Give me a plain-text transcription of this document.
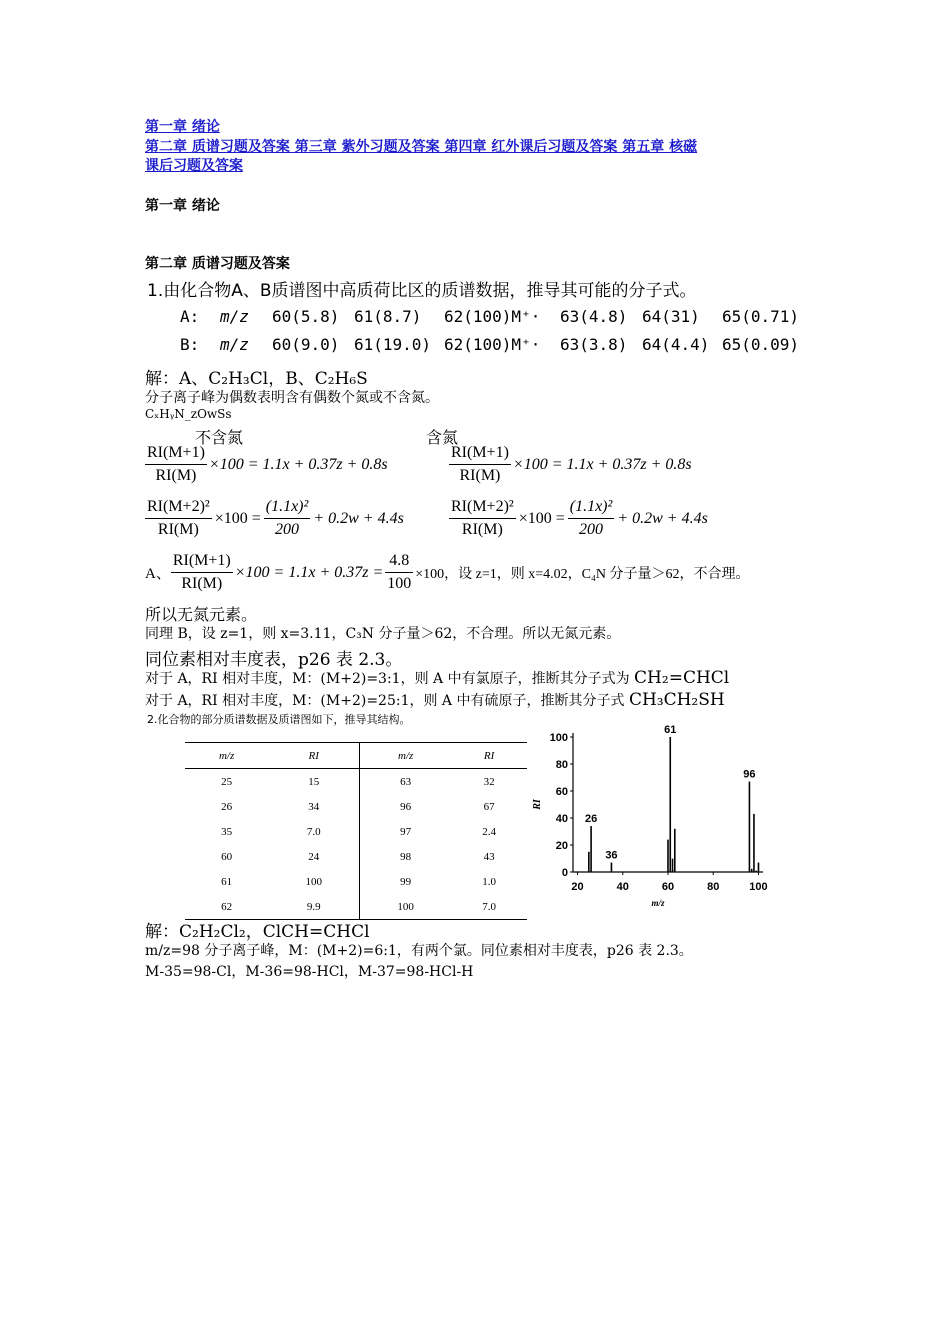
第一章 绪论
第二章 质谱习题及答案 第三章 紫外习题及答案 第四章 红外课后习题及答案 第五章 核磁
课后习题及答案
第一章 绪论
第二章 质谱习题及答案
1.由化合物A、B质谱图中高质荷比区的质谱数据，推导其可能的分子式。
A: m/z 60(5.8) 61(8.7) 62(100)M⁺· 63(4.8) 64(31) 65(0.71)
B: m/z 60(9.0) 61(19.0) 62(100)M⁺· 63(3.8) 64(4.4) 65(0.09)
解：A、C₂H₃Cl，B、C₂H₆S
分子离子峰为偶数表明含有偶数个氮或不含氮。
CₓHᵧN_zOwSs
不含氮	含氮
$\frac{RI(M+1)}{RI(M)} \times 100 = 1.1x + 0.37z + 0.8s$	$\frac{RI(M+1)}{RI(M)} \times 100 = 1.1x + 0.37z + 0.8s$
$\frac{\text{RI(M+2)²}}{RI(M)} \times 100 = \frac{\text{(1.1x)²}}{200} + 0.2w + 4.4s$	$\frac{\text{RI(M+2)²}}{RI(M)} \times 100 = \frac{\text{(1.1x)²}}{200} + 0.2w + 4.4s$
A、 $\frac{RI(M+1)}{RI(M)} \times 100 = 1.1x + 0.37z = \frac{4.8}{100} \times 100$，设 z=1，则 x=4.02，C₄N 分子量＞62，不合理。
所以无氮元素。
同理 B，设 z=1，则 x=3.11，C₃N 分子量＞62，不合理。所以无氮元素。
同位素相对丰度表，p26 表 2.3。
对于 A，RI 相对丰度，M：(M+2)=3:1，则 A 中有氯原子，推断其分子式为 CH₂=CHCl
对于 A，RI 相对丰度，M：(M+2)=25:1，则 A 中有硫原子，推断其分子式 CH₃CH₂SH
2.化合物的部分质谱数据及质谱图如下，推导其结构。
m/z	RI	m/z	RI
25	15	63	32
26	34	96	67
35	7.0	97	2.4
60	24	98	43
61	100	99	1.0
62	9.9	100	7.0
0
20
40
60
80
100
20	40	60	80	100
m/z
RI
26
36
61
96
解：C₂H₂Cl₂，ClCH=CHCl
m/z=98 分子离子峰，M：(M+2)=6:1，有两个氯。同位素相对丰度表，p26 表 2.3。
M-35=98-Cl，M-36=98-HCl，M-37=98-HCl-H
